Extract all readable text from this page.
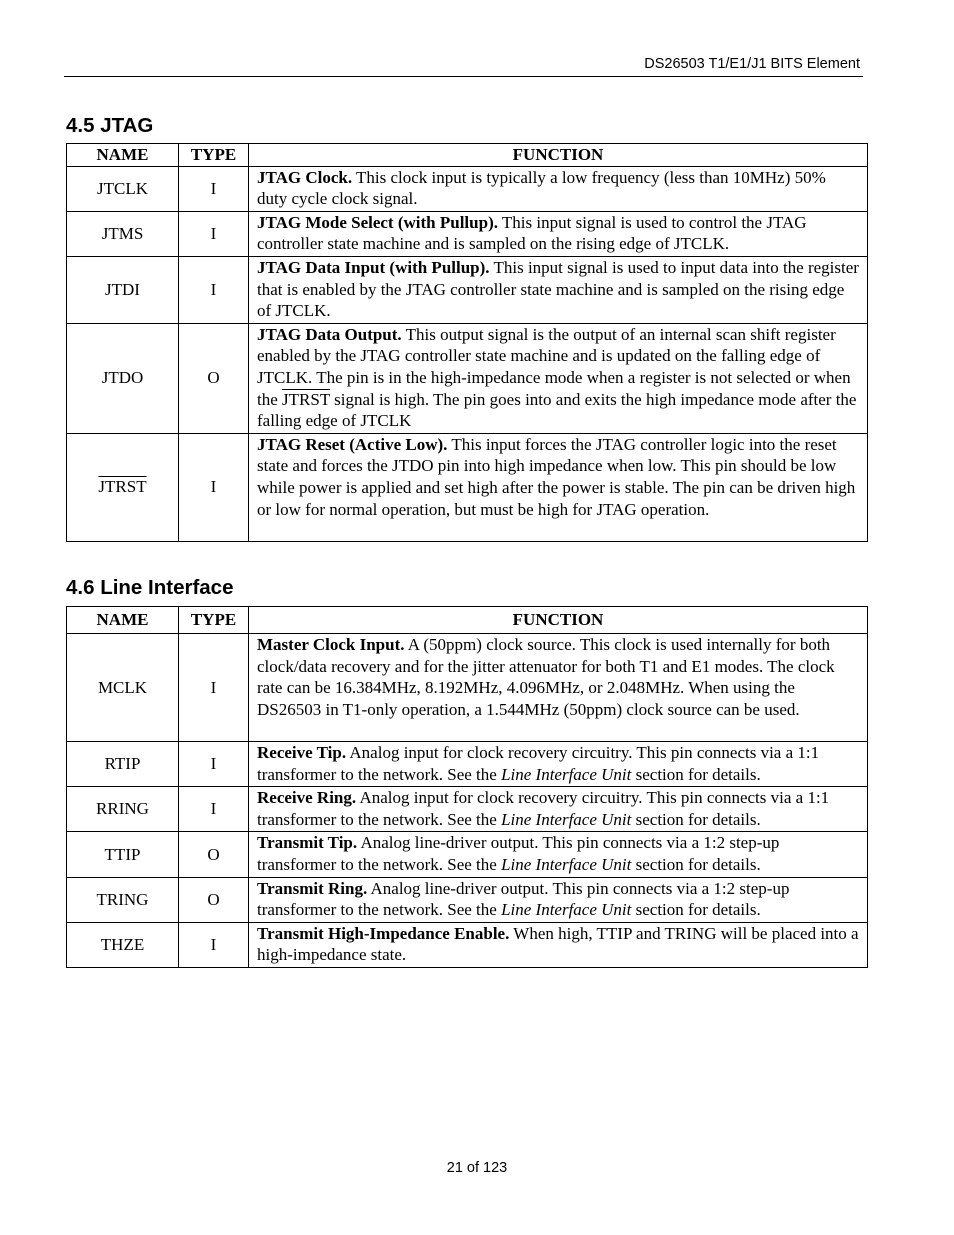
DS26503 T1/E1/J1 BITS Element
4.5 JTAG
NAME	TYPE	FUNCTION
JTCLK	I	JTAG Clock. This clock input is typically a low frequency (less than 10MHz) 50% duty cycle clock signal.
JTMS	I	JTAG Mode Select (with Pullup). This input signal is used to control the JTAG controller state machine and is sampled on the rising edge of JTCLK.
JTDI	I	JTAG Data Input (with Pullup). This input signal is used to input data into the register that is enabled by the JTAG controller state machine and is sampled on the rising edge of JTCLK.
JTDO	O	JTAG Data Output. This output signal is the output of an internal scan shift register enabled by the JTAG controller state machine and is updated on the falling edge of JTCLK. The pin is in the high-impedance mode when a register is not selected or when the JTRST signal is high. The pin goes into and exits the high impedance mode after the falling edge of JTCLK
JTRST	I	JTAG Reset (Active Low). This input forces the JTAG controller logic into the reset state and forces the JTDO pin into high impedance when low. This pin should be low while power is applied and set high after the power is stable. The pin can be driven high or low for normal operation, but must be high for JTAG operation.
4.6 Line Interface
NAME	TYPE	FUNCTION
MCLK	I	Master Clock Input. A (50ppm) clock source. This clock is used internally for both clock/data recovery and for the jitter attenuator for both T1 and E1 modes. The clock rate can be 16.384MHz, 8.192MHz, 4.096MHz, or 2.048MHz. When using the DS26503 in T1-only operation, a 1.544MHz (50ppm) clock source can be used.
RTIP	I	Receive Tip. Analog input for clock recovery circuitry. This pin connects via a 1:1 transformer to the network. See the Line Interface Unit section for details.
RRING	I	Receive Ring. Analog input for clock recovery circuitry. This pin connects via a 1:1 transformer to the network. See the Line Interface Unit section for details.
TTIP	O	Transmit Tip. Analog line-driver output. This pin connects via a 1:2 step-up transformer to the network. See the Line Interface Unit section for details.
TRING	O	Transmit Ring. Analog line-driver output. This pin connects via a 1:2 step-up transformer to the network. See the Line Interface Unit section for details.
THZE	I	Transmit High-Impedance Enable. When high, TTIP and TRING will be placed into a high-impedance state.
21 of 123
